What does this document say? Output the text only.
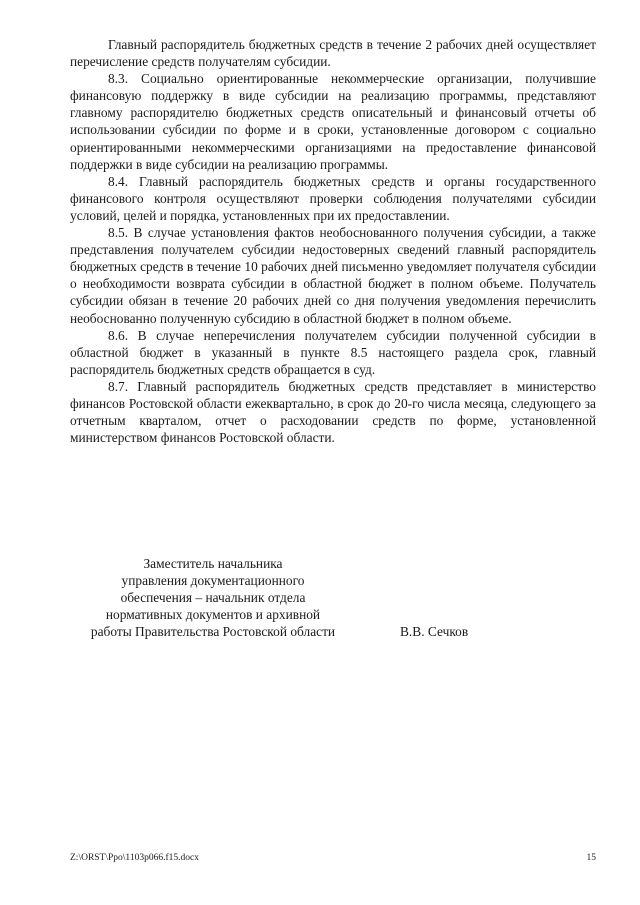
Главный распорядитель бюджетных средств в течение 2 рабочих дней осуществляет перечисление средств получателям субсидии.

8.3. Социально ориентированные некоммерческие организации, получившие финансовую поддержку в виде субсидии на реализацию программы, представляют главному распорядителю бюджетных средств описательный и финансовый отчеты об использовании субсидии по форме и в сроки, установленные договором с социально ориентированными некоммерческими организациями на предоставление финансовой поддержки в виде субсидии на реализацию программы.

8.4. Главный распорядитель бюджетных средств и органы государственного финансового контроля осуществляют проверки соблюдения получателями субсидии условий, целей и порядка, установленных при их предоставлении.

8.5. В случае установления фактов необоснованного получения субсидии, а также представления получателем субсидии недостоверных сведений главный распорядитель бюджетных средств в течение 10 рабочих дней письменно уведомляет получателя субсидии о необходимости возврата субсидии в областной бюджет в полном объеме. Получатель субсидии обязан в течение 20 рабочих дней со дня получения уведомления перечислить необоснованно полученную субсидию в областной бюджет в полном объеме.

8.6. В случае неперечисления получателем субсидии полученной субсидии в областной бюджет в указанный в пункте 8.5 настоящего раздела срок, главный распорядитель бюджетных средств обращается в суд.

8.7. Главный распорядитель бюджетных средств представляет в министерство финансов Ростовской области ежеквартально, в срок до 20-го числа месяца, следующего за отчетным кварталом, отчет о расходовании средств по форме, установленной министерством финансов Ростовской области.

Заместитель начальника
управления документационного
обеспечения – начальник отдела
нормативных документов и архивной
работы Правительства Ростовской области	В.В. Сечков
Z:\ORST\Ppo\1103p066.f15.docx	15
